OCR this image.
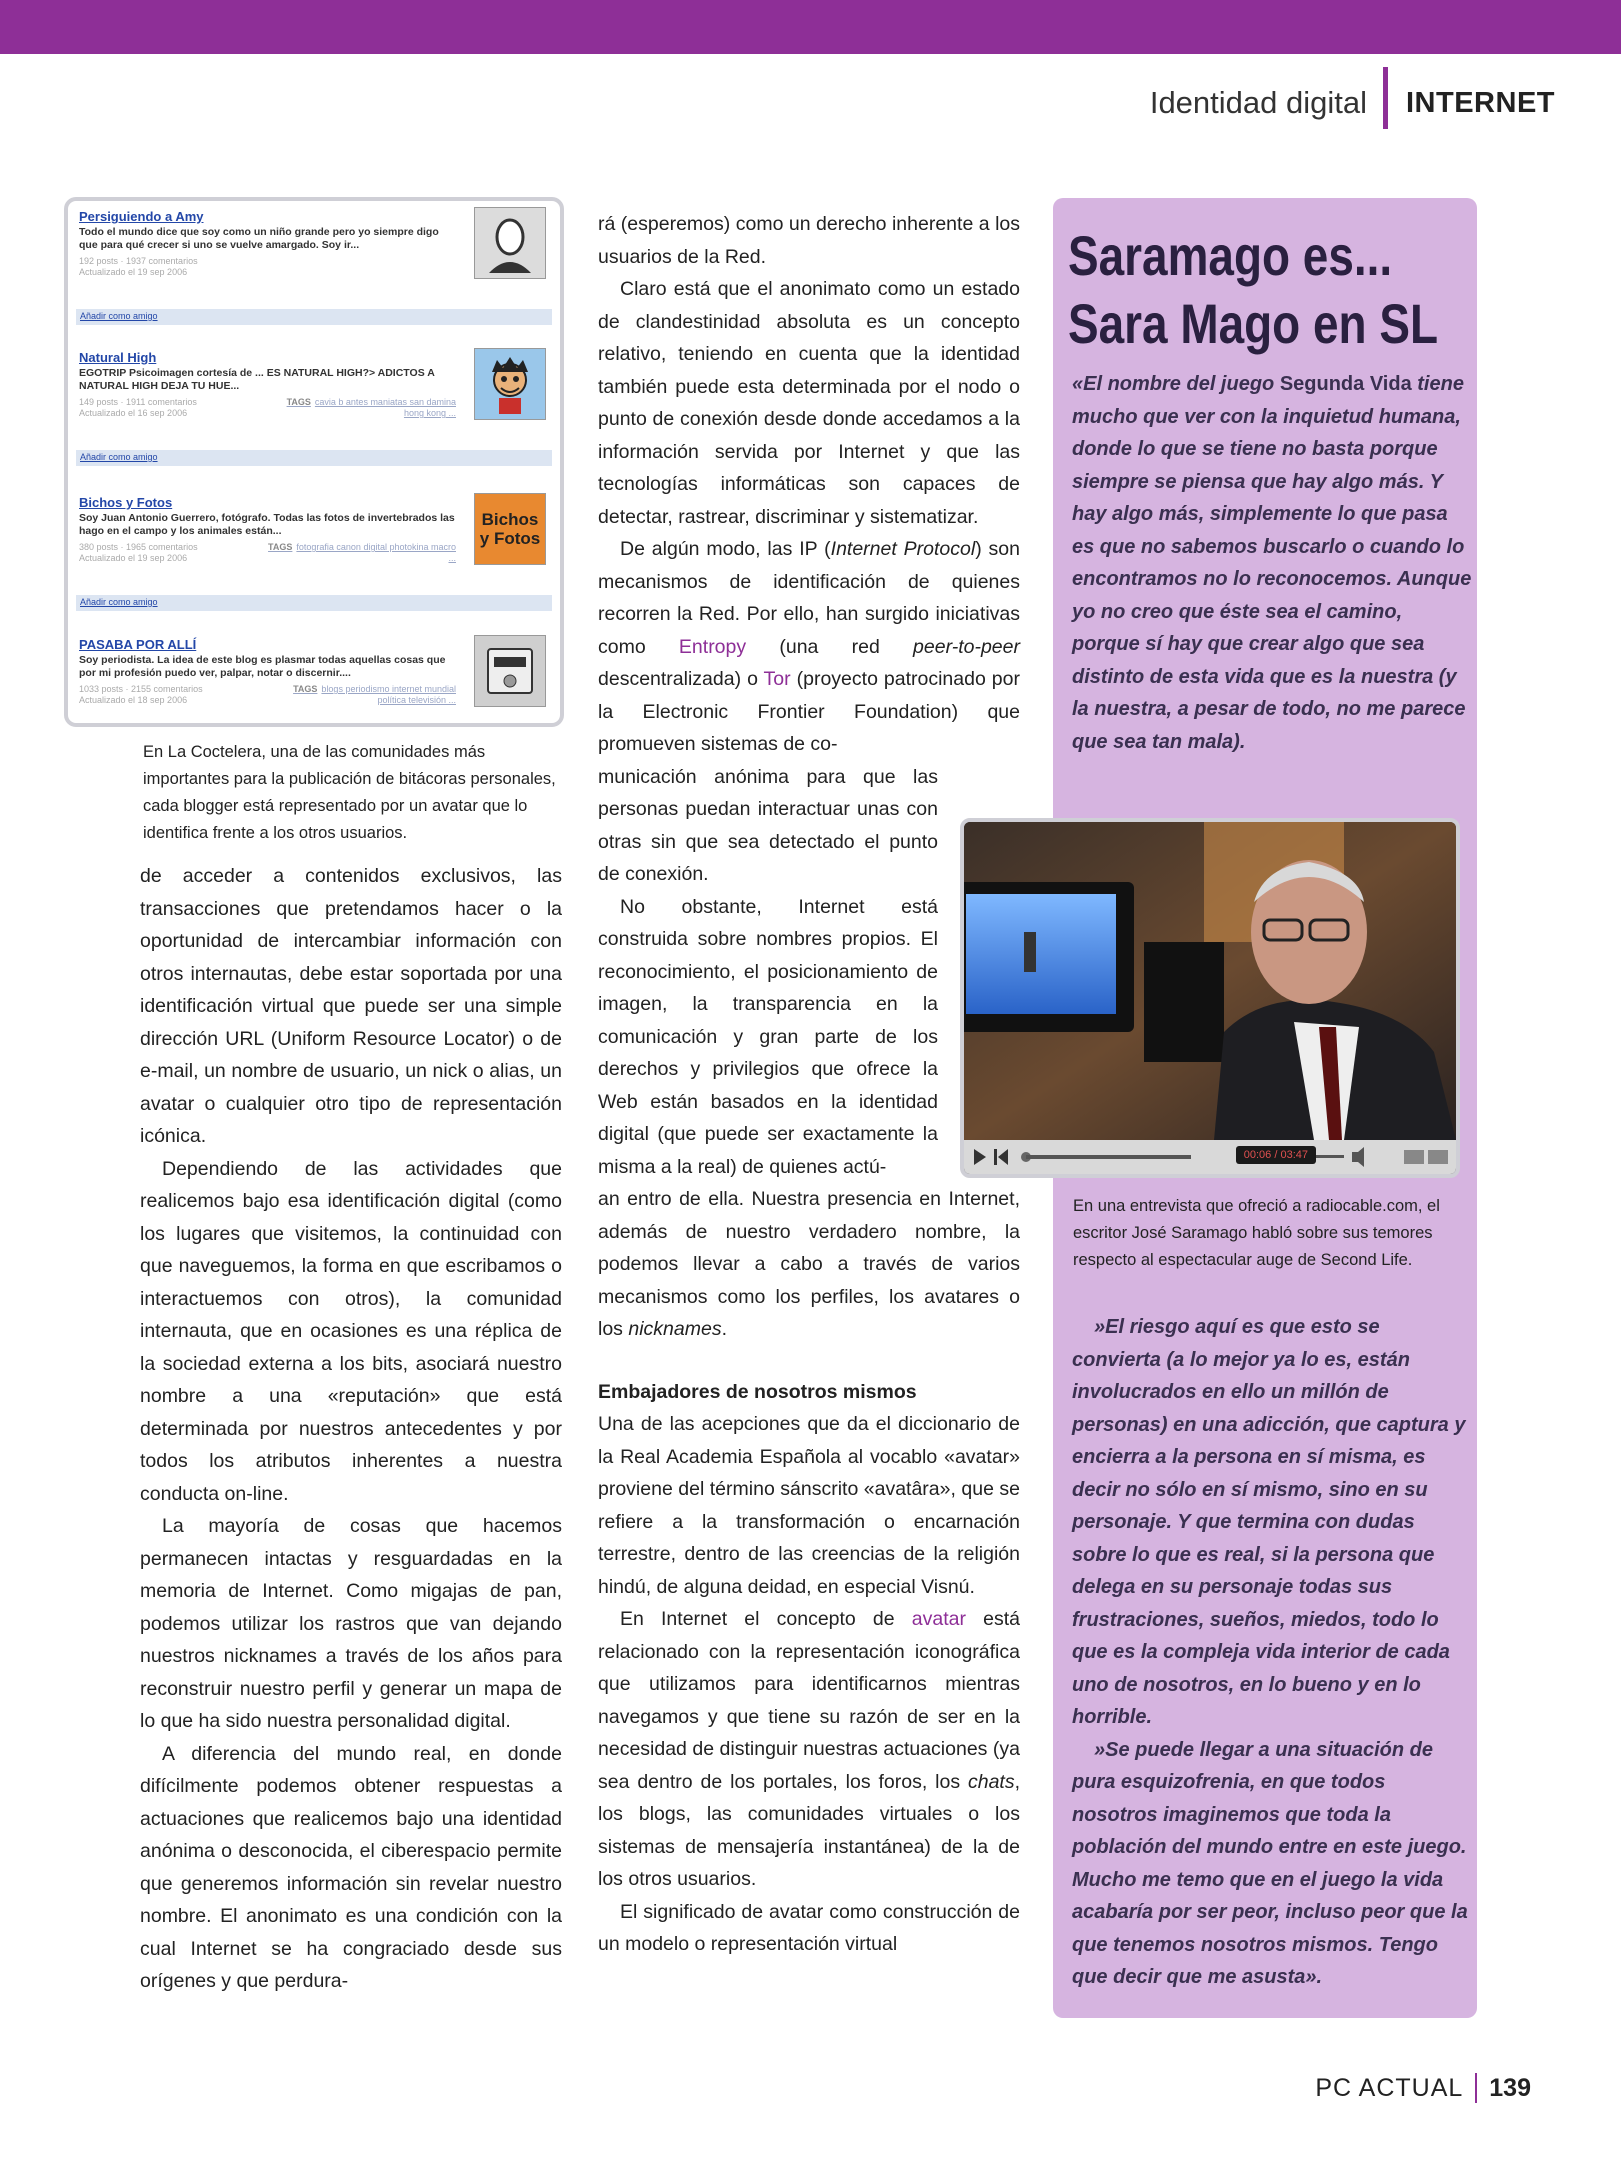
Identidad digital	INTERNET
Persiguiendo a Amy
Todo el mundo dice que soy como un niño grande pero yo siempre digo que para qué crecer si uno se vuelve amargado. Soy ir...
192 posts · 1937 comentarios Actualizado el 19 sep 2006
Añadir como amigo
Natural High
EGOTRIP Psicoimagen cortesía de ... ES NATURAL HIGH?> ADICTOS A NATURAL HIGH DEJA TU HUE...
149 posts · 1911 comentarios Actualizado el 16 sep 2006
TAGS cavia b antes maniatas san damina hong kong ...
Añadir como amigo
Bichos y Fotos
Soy Juan Antonio Guerrero, fotógrafo. Todas las fotos de invertebrados las hago en el campo y los animales están...
380 posts · 1965 comentarios Actualizado el 19 sep 2006
TAGS fotografia canon digital photokina macro ...
Bichos y Fotos
Añadir como amigo
PASABA POR ALLÍ
Soy periodista. La idea de este blog es plasmar todas aquellas cosas que por mi profesión puedo ver, palpar, notar o discernir....
1033 posts · 2155 comentarios Actualizado el 18 sep 2006
TAGS blogs periodismo internet mundial política televisión ...
En La Coctelera, una de las comunidades más importantes para la publicación de bitácoras personales, cada blogger está representado por un avatar que lo identifica frente a los otros usuarios.

de acceder a contenidos exclusivos, las transacciones que pretendamos hacer o la oportunidad de intercambiar información con otros internautas, debe estar soportada por una identificación virtual que puede ser una simple dirección URL (Uniform Resource Locator) o de e-mail, un nombre de usuario, un nick o alias, un avatar o cualquier otro tipo de representación icónica.

Dependiendo de las actividades que realicemos bajo esa identificación digital (como los lugares que visitemos, la continuidad con que naveguemos, la forma en que escribamos o interactuemos con otros), la comunidad internauta, que en ocasiones es una réplica de la sociedad externa a los bits, asociará nuestro nombre a una «reputación» que está determinada por nuestros antecedentes y por todos los atributos inherentes a nuestra conducta on-line.

La mayoría de cosas que hacemos permanecen intactas y resguardadas en la memoria de Internet. Como migajas de pan, podemos utilizar los rastros que van dejando nuestros nicknames a través de los años para reconstruir nuestro perfil y generar un mapa de lo que ha sido nuestra personalidad digital.

A diferencia del mundo real, en donde difícilmente podemos obtener respuestas a actuaciones que realicemos bajo una identidad anónima o desconocida, el ciberespacio permite que generemos información sin revelar nuestro nombre. El anonimato es una condición con la cual Internet se ha congraciado desde sus orígenes y que perdura-

rá (esperemos) como un derecho inherente a los usuarios de la Red.

Claro está que el anonimato como un estado de clandestinidad absoluta es un concepto relativo, teniendo en cuenta que la identidad también puede esta determinada por el nodo o punto de conexión desde donde accedamos a la información servida por Internet y que las tecnologías informáticas son capaces de detectar, rastrear, discriminar y sistematizar.

De algún modo, las IP (Internet Protocol) son mecanismos de identificación de quienes recorren la Red. Por ello, han surgido iniciativas como Entropy (una red peer-to-peer descentralizada) o Tor (proyecto patrocinado por la Electronic Frontier Foundation) que promueven sistemas de co-

municación anónima para que las personas puedan interactuar unas con otras sin que sea detectado el punto de conexión.

No obstante, Internet está construida sobre nombres propios. El reconocimiento, el posicionamiento de imagen, la transparencia en la comunicación y gran parte de los derechos y privilegios que ofrece la Web están basados en la identidad digital (que puede ser exactamente la misma a la real) de quienes actú-

an entro de ella. Nuestra presencia en Internet, además de nuestro verdadero nombre, la podemos llevar a cabo a través de varios mecanismos como los perfiles, los avatares o los nicknames.

Embajadores de nosotros mismos

Una de las acepciones que da el diccionario de la Real Academia Española al vocablo «avatar» proviene del término sánscrito «avatâra», que se refiere a la transformación o encarnación terrestre, dentro de las creencias de la religión hindú, de alguna deidad, en especial Visnú.

En Internet el concepto de avatar está relacionado con la representación iconográfica que utilizamos para identificarnos mientras navegamos y que tiene su razón de ser en la necesidad de distinguir nuestras actuaciones (ya sea dentro de los portales, los foros, los chats, los blogs, las comunidades virtuales o los sistemas de mensajería instantánea) de la de los otros usuarios.

El significado de avatar como construcción de un modelo o representación virtual

Saramago es...
Sara Mago en SL

«El nombre del juego Segunda Vida tiene mucho que ver con la inquietud humana, donde lo que se tiene no basta porque siempre se piensa que hay algo más. Y hay algo más, simplemente lo que pasa es que no sabemos buscarlo o cuando lo encontramos no lo reconocemos. Aunque yo no creo que éste sea el camino, porque sí hay que crear algo que sea distinto de esta vida que es la nuestra (y la nuestra, a pesar de todo, no me parece que sea tan mala).

»El riesgo aquí es que esto se convierta (a lo mejor ya lo es, están involucrados en ello un millón de personas) en una adicción, que captura y encierra a la persona en sí misma, es decir no sólo en sí mismo, sino en su personaje. Y que termina con dudas sobre lo que es real, si la persona que delega en su personaje todas sus frustraciones, sueños, miedos, todo lo que es la compleja vida interior de cada uno de nosotros, en lo bueno y en lo horrible.

»Se puede llegar a una situación de pura esquizofrenia, en que todos nosotros imaginemos que toda la población del mundo entre en este juego. Mucho me temo que en el juego la vida acabaría por ser peor, incluso peor que la que tenemos nosotros mismos. Tengo que decir que me asusta».

00:06 / 03:47
En una entrevista que ofreció a radiocable.com, el escritor José Saramago habló sobre sus temores respecto al espectacular auge de Second Life.
PC ACTUAL 139
